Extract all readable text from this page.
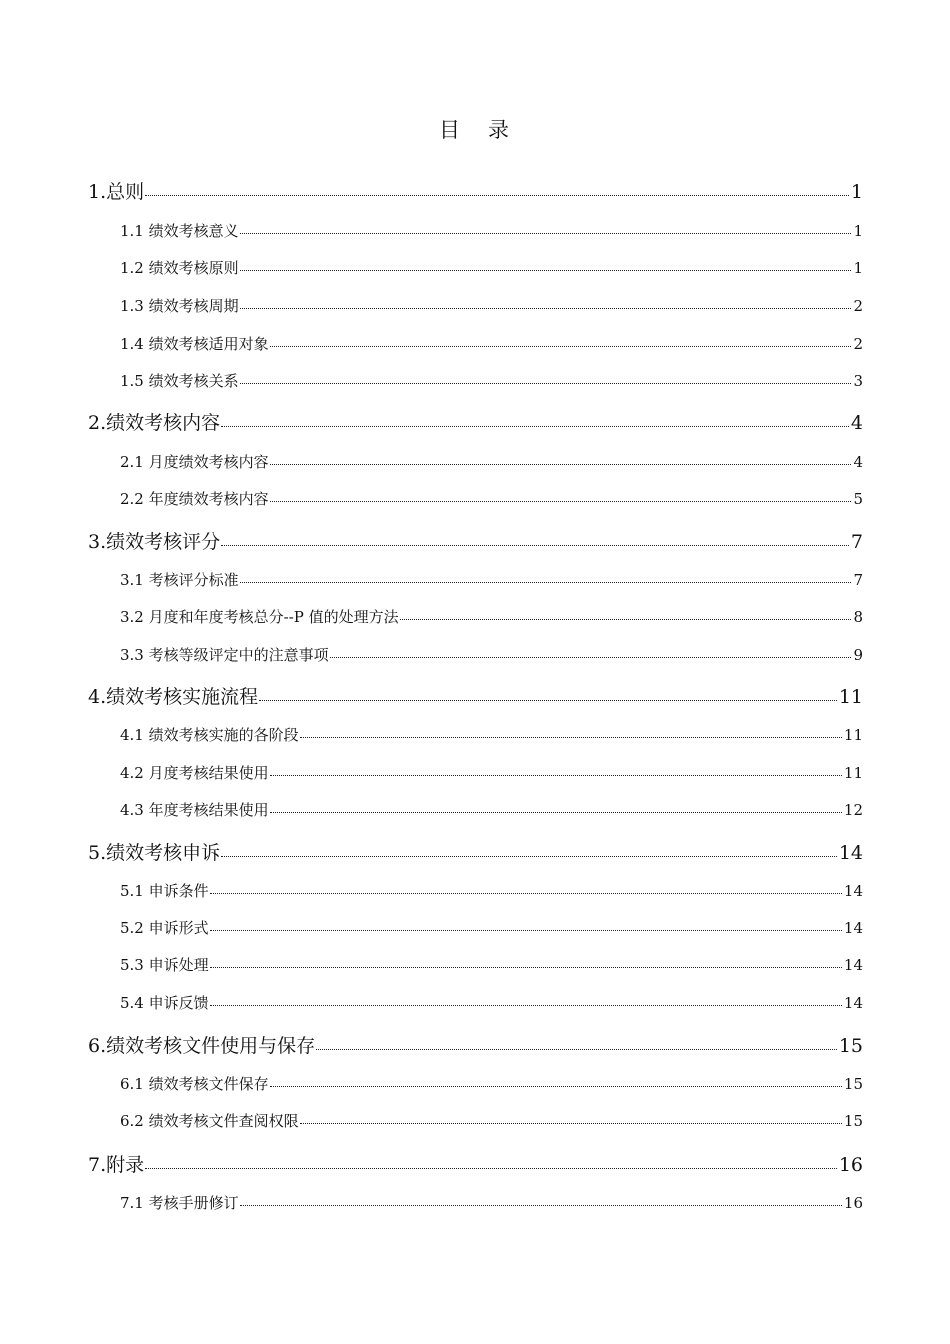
目 录
1.总则	1
1.1 绩效考核意义	1
1.2 绩效考核原则	1
1.3 绩效考核周期	2
1.4 绩效考核适用对象	2
1.5 绩效考核关系	3
2.绩效考核内容	4
2.1 月度绩效考核内容	4
2.2 年度绩效考核内容	5
3.绩效考核评分	7
3.1 考核评分标准	7
3.2 月度和年度考核总分--P 值的处理方法	8
3.3 考核等级评定中的注意事项	9
4.绩效考核实施流程	11
4.1 绩效考核实施的各阶段	11
4.2 月度考核结果使用	11
4.3 年度考核结果使用	12
5.绩效考核申诉	14
5.1 申诉条件	14
5.2 申诉形式	14
5.3 申诉处理	14
5.4 申诉反馈	14
6.绩效考核文件使用与保存	15
6.1 绩效考核文件保存	15
6.2 绩效考核文件查阅权限	15
7.附录	16
7.1 考核手册修订	16
